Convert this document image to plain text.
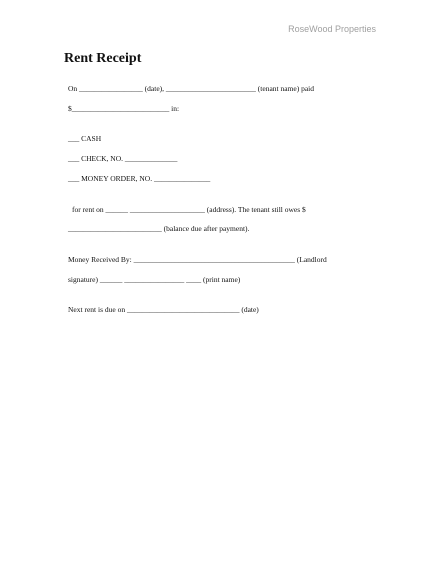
RoseWood Properties
Rent Receipt
On _________________ (date), ________________________ (tenant name) paid
$__________________________ in:
___ CASH
___ CHECK, NO. ______________
___ MONEY ORDER, NO. _______________
for rent on ______ ____________________ (address). The tenant still owes $
_________________________ (balance due after payment).
Money Received By: ___________________________________________ (Landlord
signature) ______ ________________ ____ (print name)
Next rent is due on ______________________________ (date)
